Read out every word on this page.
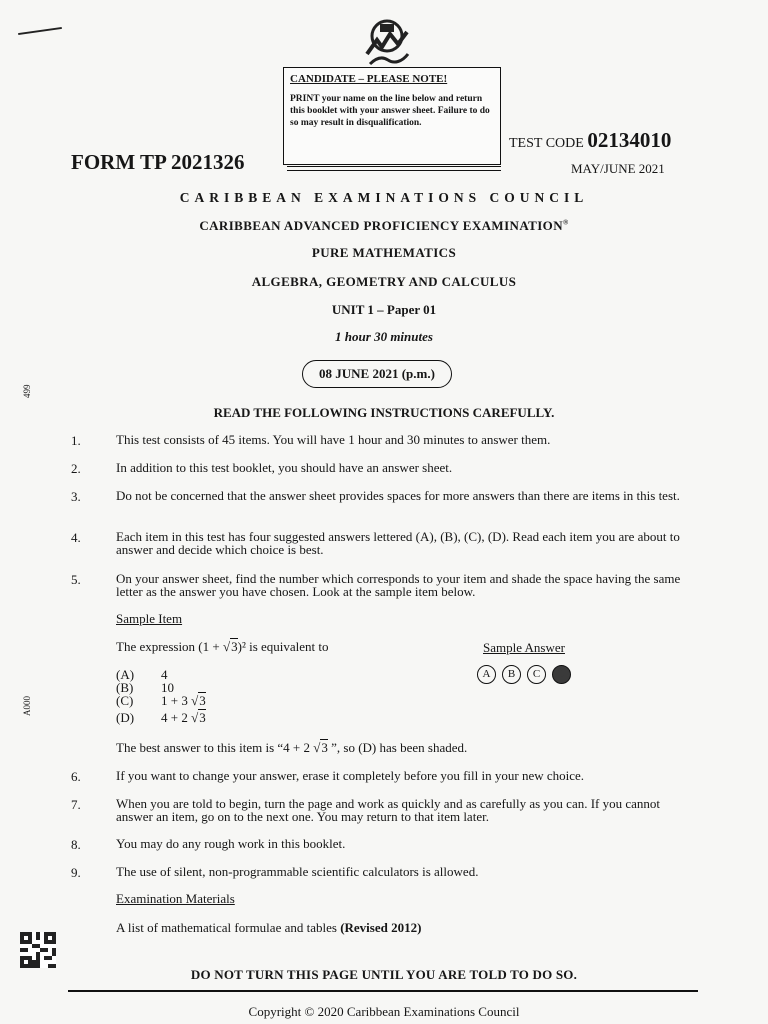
CANDIDATE – PLEASE NOTE!
PRINT your name on the line below and return this booklet with your answer sheet. Failure to do so may result in disqualification.
FORM TP 2021326
TEST CODE 02134010
MAY/JUNE 2021
CARIBBEAN EXAMINATIONS COUNCIL
CARIBBEAN ADVANCED PROFICIENCY EXAMINATION®
PURE MATHEMATICS
ALGEBRA, GEOMETRY AND CALCULUS
UNIT 1 – Paper 01
1 hour 30 minutes
08 JUNE 2021 (p.m.)
499
A000
READ THE FOLLOWING INSTRUCTIONS CAREFULLY.
1.	This test consists of 45 items. You will have 1 hour and 30 minutes to answer them.
2.	In addition to this test booklet, you should have an answer sheet.
3.	Do not be concerned that the answer sheet provides spaces for more answers than there are items in this test.
4.	Each item in this test has four suggested answers lettered (A), (B), (C), (D). Read each item you are about to answer and decide which choice is best.
5.	On your answer sheet, find the number which corresponds to your item and shade the space having the same letter as the answer you have chosen. Look at the sample item below.
Sample Item
The expression (1 + √3)² is equivalent to	Sample Answer
(A) 4
(B) 10
(C) 1 + 3 √3
(D) 4 + 2 √3
A	B	C	D
The best answer to this item is “4 + 2 √3 ”, so (D) has been shaded.
6.	If you want to change your answer, erase it completely before you fill in your new choice.
7.	When you are told to begin, turn the page and work as quickly and as carefully as you can. If you cannot answer an item, go on to the next one. You may return to that item later.
8.	You may do any rough work in this booklet.
9.	The use of silent, non-programmable scientific calculators is allowed.
Examination Materials
A list of mathematical formulae and tables (Revised 2012)
DO NOT TURN THIS PAGE UNTIL YOU ARE TOLD TO DO SO.
Copyright © 2020 Caribbean Examinations Council
